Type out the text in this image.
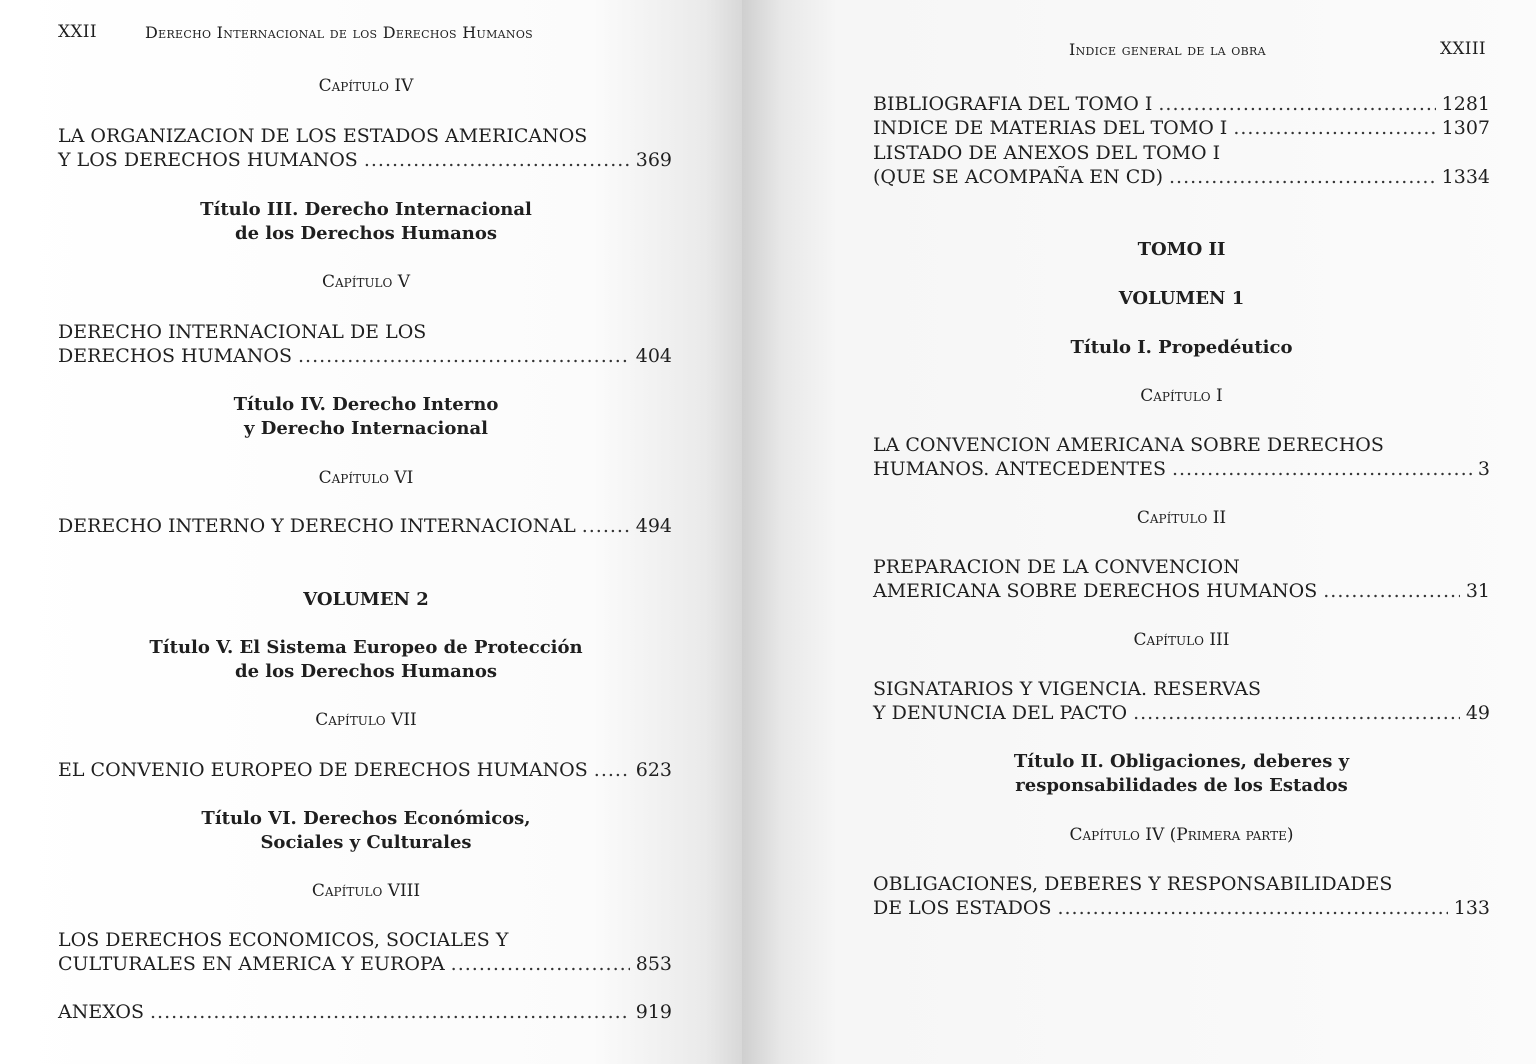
XXII	Derecho Internacional de los Derechos Humanos
Capítulo IV
LA ORGANIZACION DE LOS ESTADOS AMERICANOS
Y LOS DERECHOS HUMANOS .....	369
Título III. Derecho Internacional
de los Derechos Humanos
Capítulo V
DERECHO INTERNACIONAL DE LOS
DERECHOS HUMANOS .....	404
Título IV. Derecho Interno
y Derecho Internacional
Capítulo VI
DERECHO INTERNO Y DERECHO INTERNACIONAL .....	494
VOLUMEN 2
Título V. El Sistema Europeo de Protección
de los Derechos Humanos
Capítulo VII
EL CONVENIO EUROPEO DE DERECHOS HUMANOS .....	623
Título VI. Derechos Económicos,
Sociales y Culturales
Capítulo VIII
LOS DERECHOS ECONOMICOS, SOCIALES Y
CULTURALES EN AMERICA Y EUROPA .....	853
ANEXOS .....	919
Indice general de la obra	XXIII
BIBLIOGRAFIA DEL TOMO I .....	1281
INDICE DE MATERIAS DEL TOMO I .....	1307
LISTADO DE ANEXOS DEL TOMO I
(QUE SE ACOMPAÑA EN CD) .....	1334
TOMO II
VOLUMEN 1
Título I. Propedéutico
Capítulo I
LA CONVENCION AMERICANA SOBRE DERECHOS
HUMANOS. ANTECEDENTES .....	3
Capítulo II
PREPARACION DE LA CONVENCION
AMERICANA SOBRE DERECHOS HUMANOS .....	31
Capítulo III
SIGNATARIOS Y VIGENCIA. RESERVAS
Y DENUNCIA DEL PACTO .....	49
Título II. Obligaciones, deberes y
responsabilidades de los Estados
Capítulo IV (Primera parte)
OBLIGACIONES, DEBERES Y RESPONSABILIDADES
DE LOS ESTADOS .....	133
